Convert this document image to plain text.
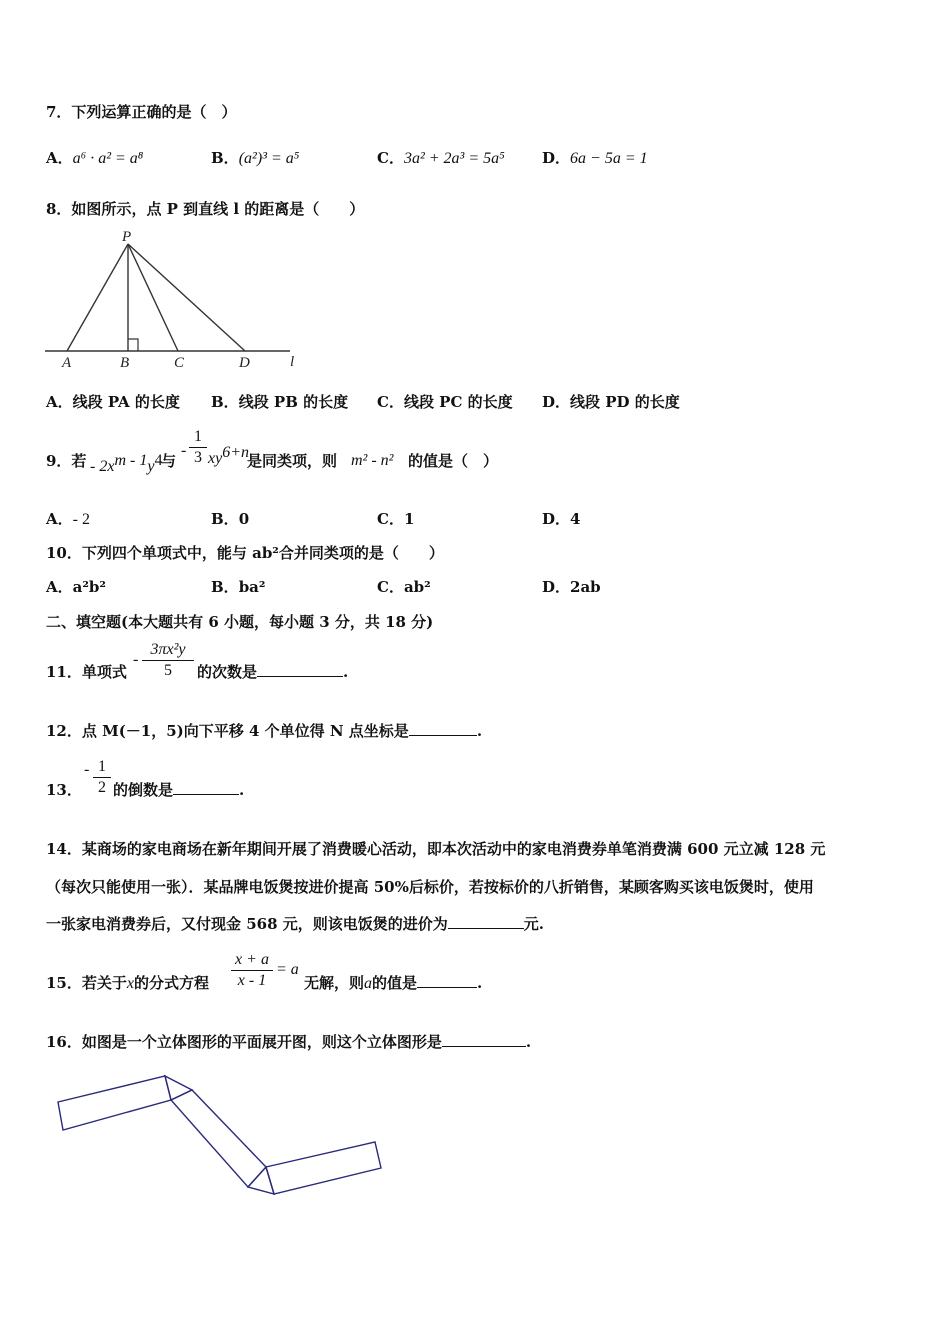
7．下列运算正确的是（　）
A．a⁶ · a² = a⁸	B．(a²)³ = a⁵	C．3a² + 2a³ = 5a⁵ D．6a − 5a = 1
8．如图所示，点 P 到直线 l 的距离是（　　）
P
A	B	C	D	l
A．线段 PA 的长度 B．线段 PB 的长度 C．线段 PC 的长度 D．线段 PD 的长度
9．若 - $2x^{m - 1}y^4$
与
- $\frac{1}{3} xy^{6+n}$
是同类项，则 m² - n² 的值是（　）
A．- 2	B．0	C．1	D．4
10．下列四个单项式中，能与 ab²合并同类项的是（　　）
A．a²b²	B．ba²	C．ab²	D．2ab
二、填空题(本大题共有 6 小题，每小题 3 分，共 18 分)
11．单项式
- $\frac{\text{3πx²y}}{5}$ 的次数是	.
12．点 M(－1，5)向下平移 4 个单位得 N 点坐标是	.
13．
- $\frac{1}{2}$ 的倒数是	.
14．某商场的家电商场在新年期间开展了消费暖心活动，即本次活动中的家电消费券单笔消费满 600 元立减 128 元
（每次只能使用一张）．某品牌电饭煲按进价提高 50%后标价，若按标价的八折销售，某顾客购买该电饭煲时，使用
一张家电消费券后，又付现金 568 元，则该电饭煲的进价为	元.
15．若关于x的分式方程 $\frac{x + a}{x - 1} = a$
无解，则a的值是	.
16．如图是一个立体图形的平面展开图，则这个立体图形是	.
